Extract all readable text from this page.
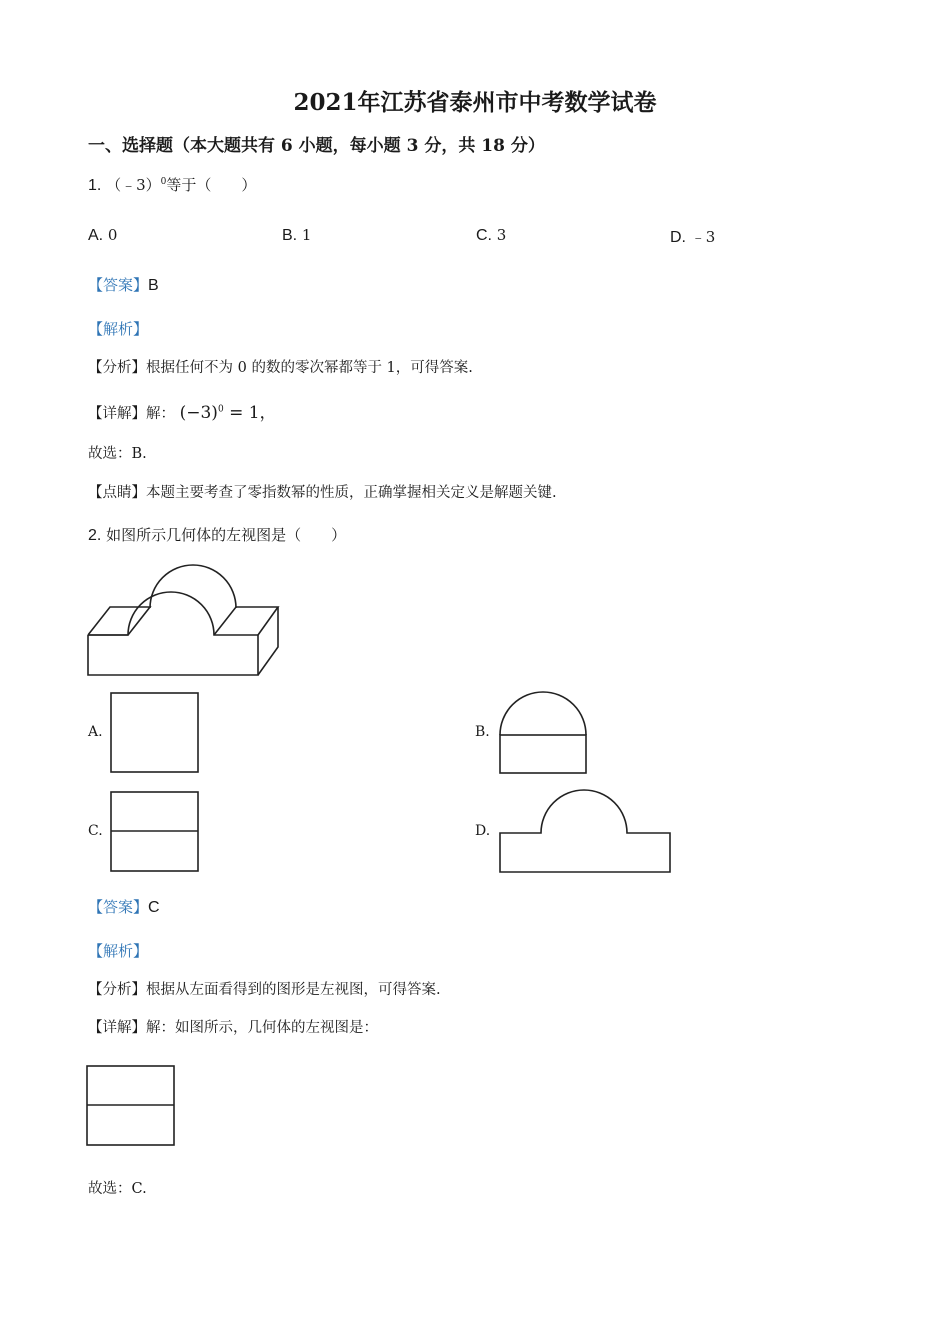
2021年江苏省泰州市中考数学试卷
一、选择题（本大题共有 6 小题，每小题 3 分，共 18 分）
1. （﹣3）$^0$等于（　　）
A. 0	B. 1	C. 3	D. ﹣3
【答案】B
【解析】
【分析】根据任何不为 0 的数的零次幂都等于 1，可得答案.
【详解】解： $(-3)^0 = 1$，
故选：B.
【点睛】本题主要考查了零指数幂的性质，正确掌握相关定义是解题关键.
2. 如图所示几何体的左视图是（　　）
A.	B.
C.	D.
【答案】C
【解析】
【分析】根据从左面看得到的图形是左视图，可得答案.
【详解】解：如图所示，几何体的左视图是：
故选：C.
